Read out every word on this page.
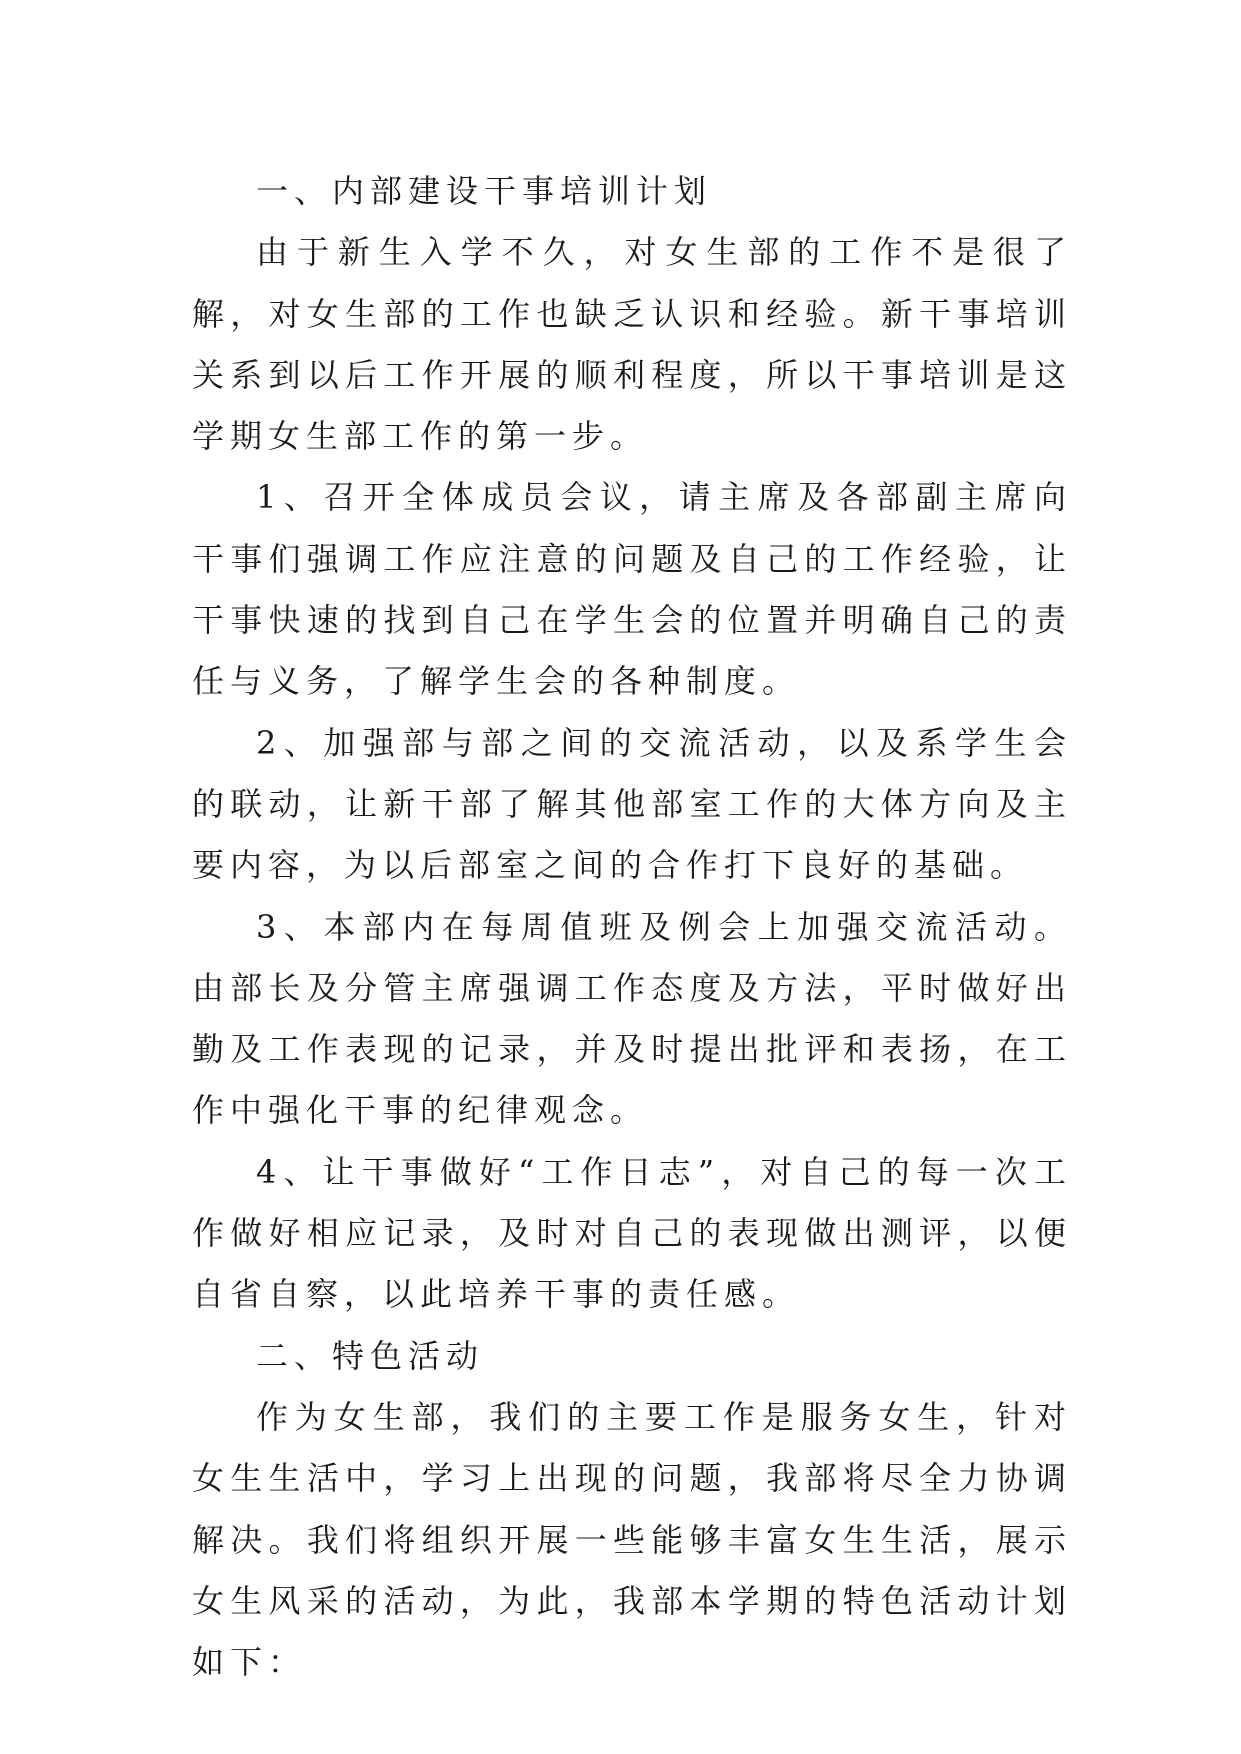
一、内部建设干事培训计划

由于新生入学不久，对女生部的工作不是很了解，对女生部的工作也缺乏认识和经验。新干事培训关系到以后工作开展的顺利程度，所以干事培训是这学期女生部工作的第一步。

1、召开全体成员会议，请主席及各部副主席向干事们强调工作应注意的问题及自己的工作经验，让干事快速的找到自己在学生会的位置并明确自己的责任与义务，了解学生会的各种制度。

2、加强部与部之间的交流活动，以及系学生会的联动，让新干部了解其他部室工作的大体方向及主要内容，为以后部室之间的合作打下良好的基础。

3、本部内在每周值班及例会上加强交流活动。由部长及分管主席强调工作态度及方法，平时做好出勤及工作表现的记录，并及时提出批评和表扬，在工作中强化干事的纪律观念。

4、让干事做好“工作日志”，对自己的每一次工作做好相应记录，及时对自己的表现做出测评，以便自省自察，以此培养干事的责任感。

二、特色活动

作为女生部，我们的主要工作是服务女生，针对女生生活中，学习上出现的问题，我部将尽全力协调解决。我们将组织开展一些能够丰富女生生活，展示女生风采的活动，为此，我部本学期的特色活动计划如下：
